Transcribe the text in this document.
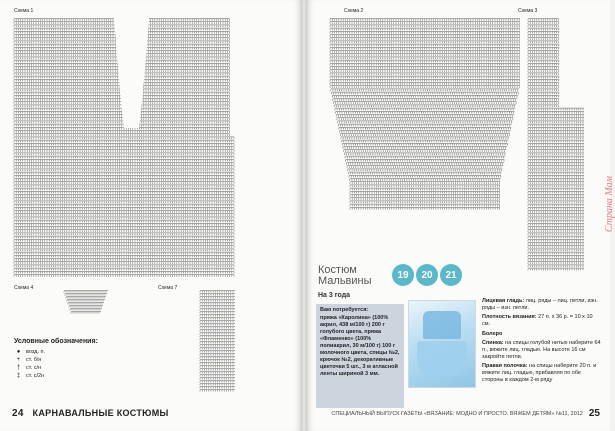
Схема 1
Схема 4	Схема 7
Условные обозначения:
●	возд. п.
+	ст. б/н
†	ст. с/н
‡	ст. с/2н
24 КАРНАВАЛЬНЫЕ КОСТЮМЫ
Схема 2	Схема 3
Костюм
Мальвины
На 3 года
19	20	21
Вам потребуется:
пряжа «Каролина» (100% акрил, 438 м/100 г) 200 г голубого цвета, пряжа «Фламенко» (100% полиакрил, 30 м/100 г) 100 г молочного цвета, спицы №2, крючок №2, декоративные цветочки 5 шт., 3 м атласной ленты шириной 3 мм.

Лицевая гладь: лиц. ряды – лиц. петли, изн. ряды – изн. петли.

Плотность вязания: 27 п. х 36 р. = 10 х 10 см.

Болеро

Спинка: на спицы голубой нитью наберите 64 п., вяжите лиц. гладью. На высоте 16 см закройте петли.

Правая полочка: на спицы наберите 20 п. и вяжите лиц. гладью, прибавляя по обе стороны в каждом 2-м ряду

СПЕЦИАЛЬНЫЙ ВЫПУСК ГАЗЕТЫ «ВЯЗАНИЕ: МОДНО И ПРОСТО. ВЯЖЕМ ДЕТЯМ» №11, 2012 25
Страна Мам
